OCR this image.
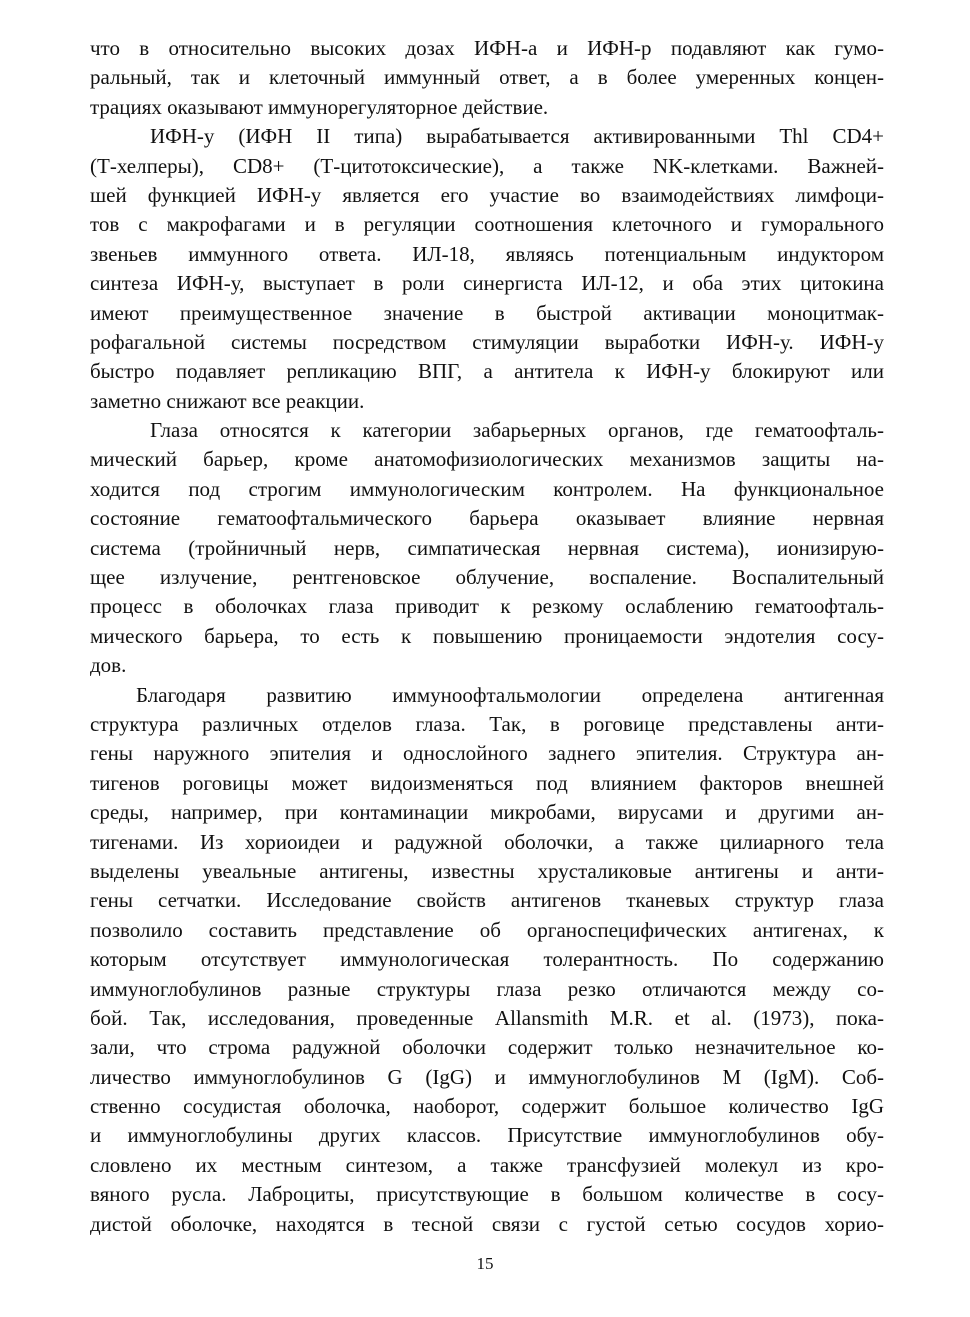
что в относительно высоких дозах ИФН-а и ИФН-р подавляют как гумо-
ральный, так и клеточный иммунный ответ, а в более умеренных концен-
трациях оказывают иммунорегуляторное действие.
ИФН-у (ИФН II типа) вырабатывается активированными Thl CD4+
(Т-хелперы), CD8+ (Т-цитотоксические), а также NK-клетками. Важней-
шей функцией ИФН-у является его участие во взаимодействиях лимфоци-
тов с макрофагами и в регуляции соотношения клеточного и гуморального
звеньев иммунного ответа. ИЛ-18, являясь потенциальным индуктором
синтеза ИФН-у, выступает в роли синергиста ИЛ-12, и оба этих цитокина
имеют преимущественное значение в быстрой активации моноцитмак-
рофагальной системы посредством стимуляции выработки ИФН-у. ИФН-у
быстро подавляет репликацию ВПГ, а антитела к ИФН-у блокируют или
заметно снижают все реакции.
Глаза относятся к категории забарьерных органов, где гематоофталь-
мический барьер, кроме анатомофизиологических механизмов защиты на-
ходится под строгим иммунологическим контролем. На функциональное
состояние гематоофтальмического барьера оказывает влияние нервная
система (тройничный нерв, симпатическая нервная система), ионизирую-
щее излучение, рентгеновское облучение, воспаление. Воспалительный
процесс в оболочках глаза приводит к резкому ослаблению гематоофталь-
мического барьера, то есть к повышению проницаемости эндотелия сосу-
дов.
Благодаря развитию иммуноофтальмологии определена антигенная
структура различных отделов глаза. Так, в роговице представлены анти-
гены наружного эпителия и однослойного заднего эпителия. Структура ан-
тигенов роговицы может видоизменяться под влиянием факторов внешней
среды, например, при контаминации микробами, вирусами и другими ан-
тигенами. Из хориоидеи и радужной оболочки, а также цилиарного тела
выделены увеальные антигены, известны хрусталиковые антигены и анти-
гены сетчатки. Исследование свойств антигенов тканевых структур глаза
позволило составить представление об органоспецифических антигенах, к
которым отсутствует иммунологическая толерантность. По содержанию
иммуноглобулинов разные структуры глаза резко отличаются между со-
бой. Так, исследования, проведенные Allansmith M.R. et al. (1973), пока-
зали, что строма радужной оболочки содержит только незначительное ко-
личество иммуноглобулинов G (IgG) и иммуноглобулинов М (IgM). Соб-
ственно сосудистая оболочка, наоборот, содержит большое количество IgG
и иммуноглобулины других классов. Присутствие иммуноглобулинов обу-
словлено их местным синтезом, а также трансфузией молекул из кро-
вяного русла. Лаброциты, присутствующие в большом количестве в сосу-
дистой оболочке, находятся в тесной связи с густой сетью сосудов хорио-
15
